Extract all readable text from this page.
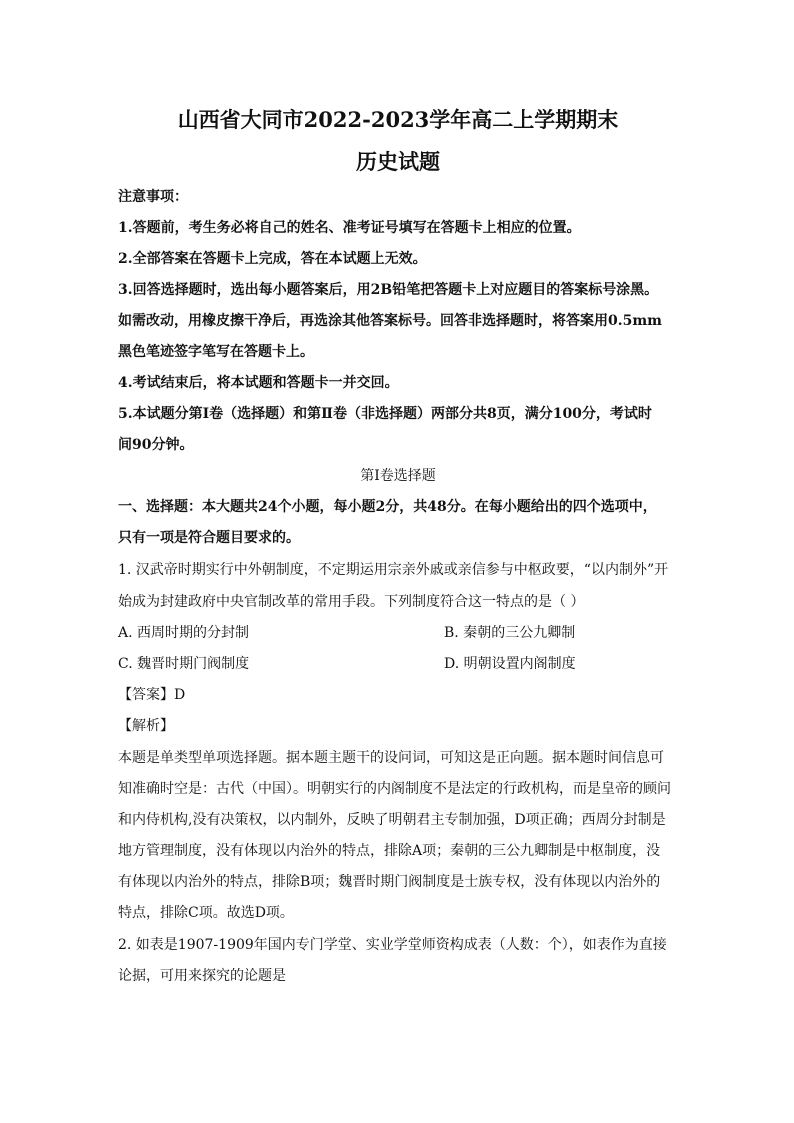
山西省大同市2022-2023学年高二上学期期末
历史试题
注意事项：
1.答题前，考生务必将自己的姓名、准考证号填写在答题卡上相应的位置。
2.全部答案在答题卡上完成，答在本试题上无效。
3.回答选择题时，选出每小题答案后，用2B铅笔把答题卡上对应题目的答案标号涂黑。
如需改动，用橡皮擦干净后，再选涂其他答案标号。回答非选择题时，将答案用0.5mm
黑色笔迹签字笔写在答题卡上。
4.考试结束后，将本试题和答题卡一并交回。
5.本试题分第Ⅰ卷（选择题）和第Ⅱ卷（非选择题）两部分共8页，满分100分，考试时
间90分钟。
第Ⅰ卷选择题
一、选择题：本大题共24个小题，每小题2分，共48分。在每小题给出的四个选项中，
只有一项是符合题目要求的。
1. 汉武帝时期实行中外朝制度，不定期运用宗亲外戚或亲信参与中枢政要，“以内制外”开
始成为封建政府中央官制改革的常用手段。下列制度符合这一特点的是（ ）
A. 西周时期的分封制	B. 秦朝的三公九卿制
C. 魏晋时期门阀制度	D. 明朝设置内阁制度
【答案】D
【解析】
本题是单类型单项选择题。据本题主题干的设问词，可知这是正向题。据本题时间信息可
知准确时空是：古代（中国）。明朝实行的内阁制度不是法定的行政机构，而是皇帝的顾问
和内侍机构,没有决策权，以内制外，反映了明朝君主专制加强，D项正确；西周分封制是
地方管理制度，没有体现以内治外的特点，排除A项；秦朝的三公九卿制是中枢制度，没
有体现以内治外的特点，排除B项；魏晋时期门阀制度是士族专权，没有体现以内治外的
特点，排除C项。故选D项。
2. 如表是1907-1909年国内专门学堂、实业学堂师资构成表（人数：个），如表作为直接
论据，可用来探究的论题是
